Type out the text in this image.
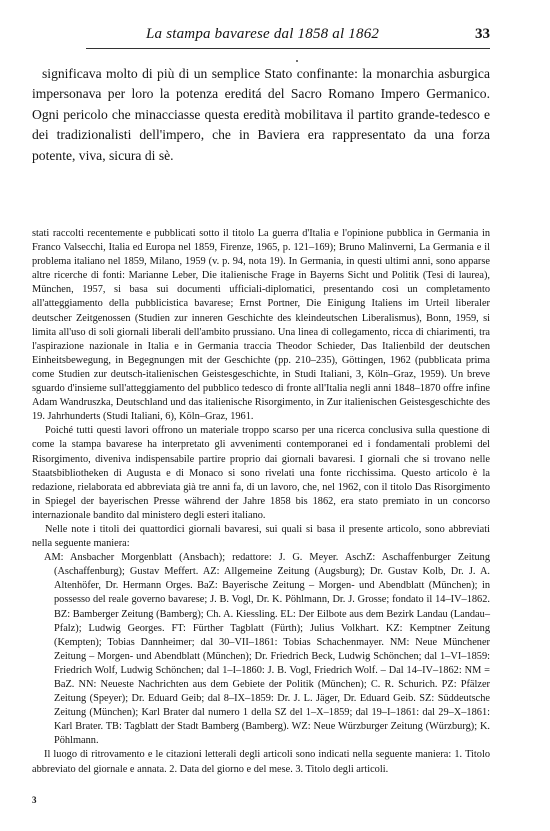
La stampa bavarese dal 1858 al 1862	33

significava molto di più di un semplice Stato confinante: la monarchia asburgica impersonava per loro la potenza ereditá del Sacro Romano Impero Germanico. Ogni pericolo che minacciasse questa eredità mobilitava il partito grande-tedesco e dei tradizionalisti dell'impero, che in Baviera era rappresentato da una forza potente, viva, sicura di sè.

stati raccolti recentemente e pubblicati sotto il titolo La guerra d'Italia e l'opinione pubblica in Germania in Franco Valsecchi, Italia ed Europa nel 1859, Firenze, 1965, p. 121–169); Bruno Malinverni, La Germania e il problema italiano nel 1859, Milano, 1959 (v. p. 94, nota 19). In Germania, in questi ultimi anni, sono apparse altre ricerche di fonti: Marianne Leber, Die italienische Frage in Bayerns Sicht und Politik (Tesi di laurea), München, 1957, si basa sui documenti ufficiali-diplomatici, presentando così un completamento all'atteggiamento della pubblicistica bavarese; Ernst Portner, Die Einigung Italiens im Urteil liberaler deutscher Zeitgenossen (Studien zur inneren Geschichte des kleindeutschen Liberalismus), Bonn, 1959, si limita all'uso di soli giornali liberali dell'ambito prussiano. Una linea di collegamento, ricca di chiarimenti, tra l'aspirazione nazionale in Italia e in Germania traccia Theodor Schieder, Das Italienbild der deutschen Einheitsbewegung, in Begegnungen mit der Geschichte (pp. 210–235), Göttingen, 1962 (pubblicata prima come Studien zur deutsch-italienischen Geistesgeschichte, in Studi Italiani, 3, Köln–Graz, 1959). Un breve sguardo d'insieme sull'atteggiamento del pubblico tedesco di fronte all'Italia negli anni 1848–1870 offre infine Adam Wandruszka, Deutschland und das italienische Risorgimento, in Zur italienischen Geistesgeschichte des 19. Jahrhunderts (Studi Italiani, 6), Köln–Graz, 1961.

Poiché tutti questi lavori offrono un materiale troppo scarso per una ricerca conclusiva sulla questione di come la stampa bavarese ha interpretato gli avvenimenti contemporanei ed i fondamentali problemi del Risorgimento, diveniva indispensabile partire proprio dai giornali bavaresi. I giornali che si trovano nelle Staatsbibliotheken di Augusta e di Monaco si sono rivelati una fonte ricchissima. Questo articolo è la redazione, rielaborata ed abbreviata già tre anni fa, di un lavoro, che, nel 1962, con il titolo Das Risorgimento in Spiegel der bayerischen Presse während der Jahre 1858 bis 1862, era stato premiato in un concorso internazionale bandito dal ministero degli esteri italiano.

Nelle note i titoli dei quattordici giornali bavaresi, sui quali si basa il presente articolo, sono abbreviati nella seguente maniera:

AM: Ansbacher Morgenblatt (Ansbach); redattore: J. G. Meyer. AschZ: Aschaffenburger Zeitung (Aschaffenburg); Gustav Meffert. AZ: Allgemeine Zeitung (Augsburg); Dr. Gustav Kolb, Dr. J. A. Altenhöfer, Dr. Hermann Orges. BaZ: Bayerische Zeitung – Morgen- und Abendblatt (München); in possesso del reale governo bavarese; J. B. Vogl, Dr. K. Pöhlmann, Dr. J. Grosse; fondato il 14–IV–1862. BZ: Bamberger Zeitung (Bamberg); Ch. A. Kiessling. EL: Der Eilbote aus dem Bezirk Landau (Landau–Pfalz); Ludwig Georges. FT: Fürther Tagblatt (Fürth); Julius Volkhart. KZ: Kemptner Zeitung (Kempten); Tobias Dannheimer; dal 30–VII–1861: Tobias Schachenmayer. NM: Neue Münchener Zeitung – Morgen- und Abendblatt (München); Dr. Friedrich Beck, Ludwig Schönchen; dal 1–VI–1859: Friedrich Wolf, Ludwig Schönchen; dal 1–I–1860: J. B. Vogl, Friedrich Wolf. – Dal 14–IV–1862: NM = BaZ. NN: Neueste Nachrichten aus dem Gebiete der Politik (München); C. R. Schurich. PZ: Pfälzer Zeitung (Speyer); Dr. Eduard Geib; dal 8–IX–1859: Dr. J. L. Jäger, Dr. Eduard Geib. SZ: Süddeutsche Zeitung (München); Karl Brater dal numero 1 della SZ del 1–X–1859; dal 19–I–1861: dal 29–X–1861: Karl Brater. TB: Tagblatt der Stadt Bamberg (Bamberg). WZ: Neue Würzburger Zeitung (Würzburg); K. Pöhlmann.

Il luogo di ritrovamento e le citazioni letterali degli articoli sono indicati nella seguente maniera: 1. Titolo abbreviato del giornale e annata. 2. Data del giorno e del mese. 3. Titolo degli articoli.

3
